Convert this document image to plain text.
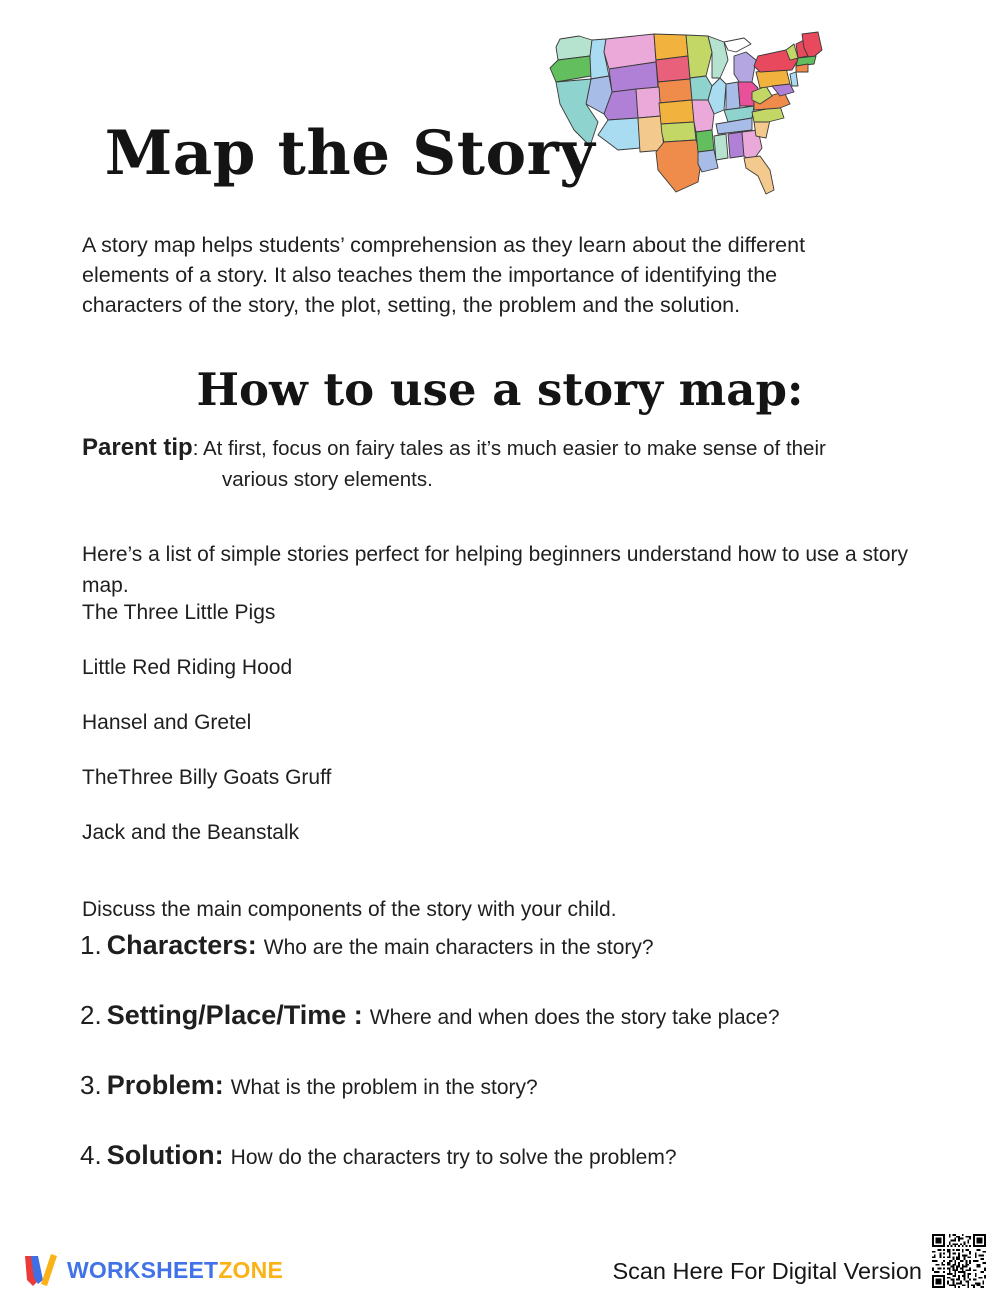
Map the Story

A story map helps students’ comprehension as they learn about the different elements of a story. It also teaches them the importance of identifying the characters of the story, the plot, setting, the problem and the solution.

How to use a story map:
Parent tip: At first, focus on fairy tales as it’s much easier to make sense of their
various story elements.

Here’s a list of simple stories perfect for helping beginners understand how to use a story map.

The Three Little Pigs
Little Red Riding Hood
Hansel and Gretel
TheThree Billy Goats Gruff
Jack and the Beanstalk

Discuss the main components of the story with your child.

1. Characters: Who are the main characters in the story?
2. Setting/Place/Time : Where and when does the story take place?
3. Problem: What is the problem in the story?
4. Solution: How do the characters try to solve the problem?
WORKSHEETZONE	Scan Here For Digital Version
